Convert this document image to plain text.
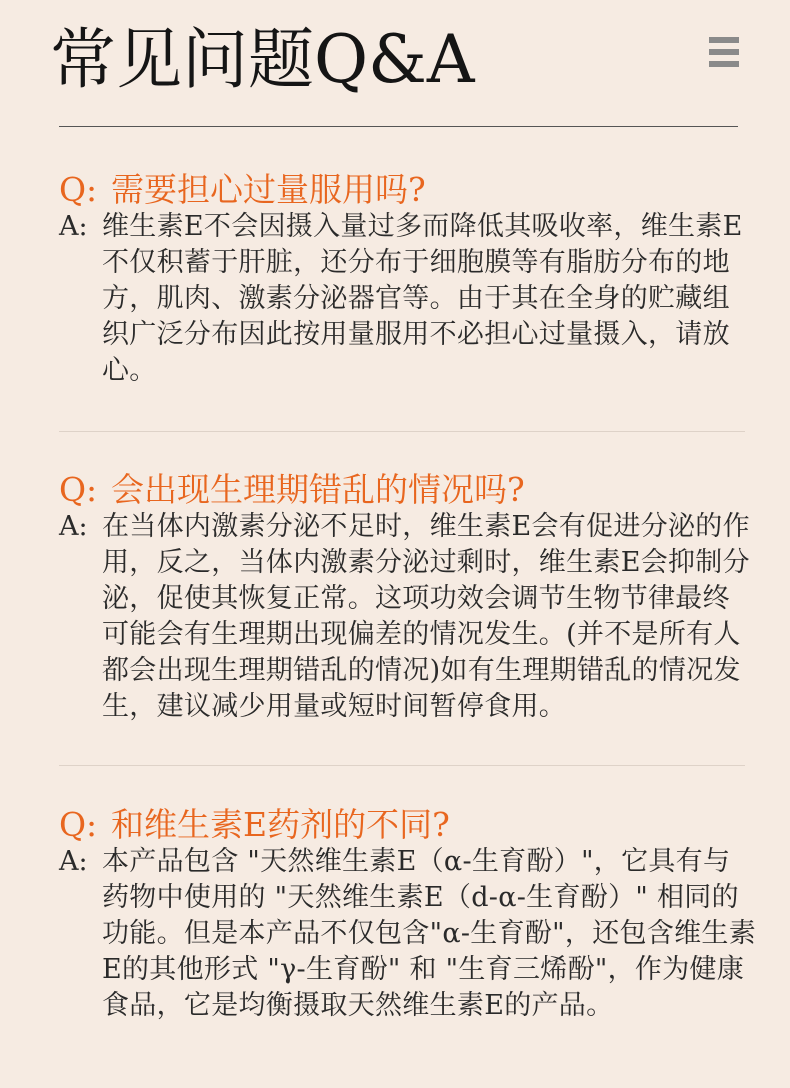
常见问题Q&A
Q: 需要担心过量服用吗?
A: 维生素E不会因摄入量过多而降低其吸收率，维生素E不仅积蓄于肝脏，还分布于细胞膜等有脂肪分布的地方，肌肉、激素分泌器官等。由于其在全身的贮藏组织广泛分布因此按用量服用不必担心过量摄入，请放心。
Q: 会出现生理期错乱的情况吗?
A: 在当体内激素分泌不足时，维生素E会有促进分泌的作用，反之，当体内激素分泌过剩时，维生素E会抑制分泌，促使其恢复正常。这项功效会调节生物节律最终可能会有生理期出现偏差的情况发生。(并不是所有人都会出现生理期错乱的情况)如有生理期错乱的情况发生，建议减少用量或短时间暂停食用。
Q: 和维生素E药剂的不同?
A: 本产品包含 "天然维生素E（α-生育酚）"，它具有与药物中使用的 "天然维生素E（d-α-生育酚）" 相同的功能。但是本产品不仅包含"α-生育酚"，还包含维生素E的其他形式 "γ-生育酚" 和 "生育三烯酚"，作为健康食品，它是均衡摄取天然维生素E的产品。
